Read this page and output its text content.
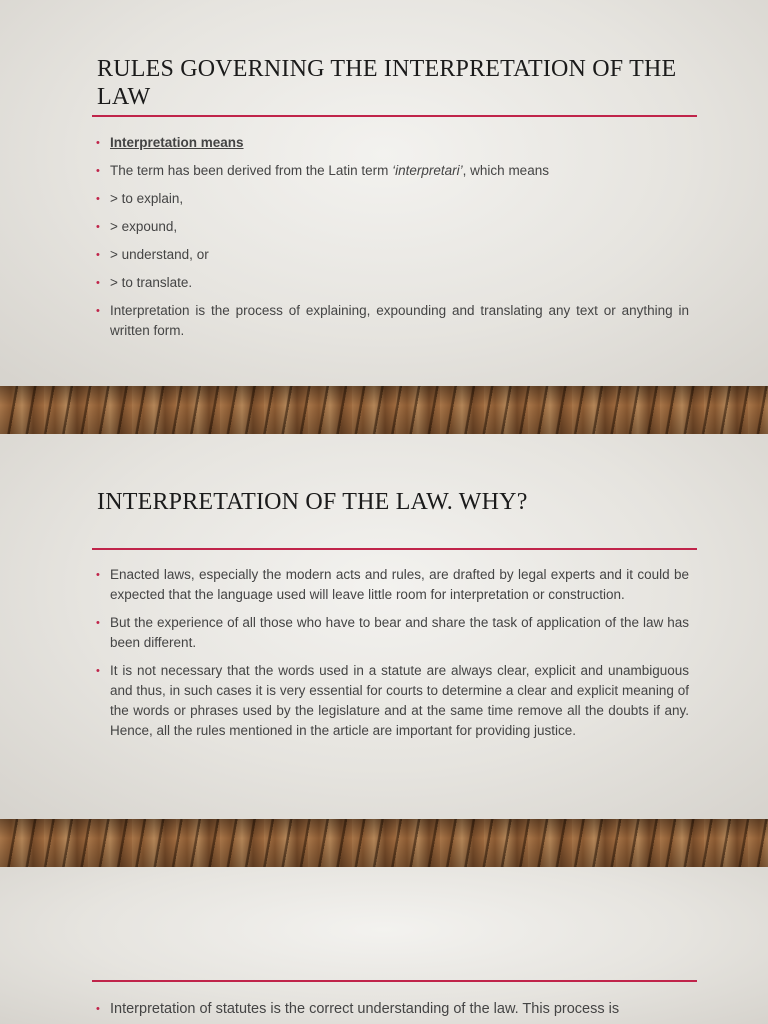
RULES GOVERNING THE INTERPRETATION OF THE LAW
• Interpretation means
• The term has been derived from the Latin term ‘interpretari’, which means
• > to explain,
• > expound,
• > understand, or
• > to translate.
• Interpretation is the process of explaining, expounding and translating any text or anything in written form.
INTERPRETATION OF THE LAW. WHY?
• Enacted laws, especially the modern acts and rules, are drafted by legal experts and it could be expected that the language used will leave little room for interpretation or construction.
• But the experience of all those who have to bear and share the task of application of the law has been different.
• It is not necessary that the words used in a statute are always clear, explicit and unambiguous and thus, in such cases it is very essential for courts to determine a clear and explicit meaning of the words or phrases used by the legislature and at the same time remove all the doubts if any. Hence, all the rules mentioned in the article are important for providing justice.
• Interpretation of statutes is the correct understanding of the law. This process is
